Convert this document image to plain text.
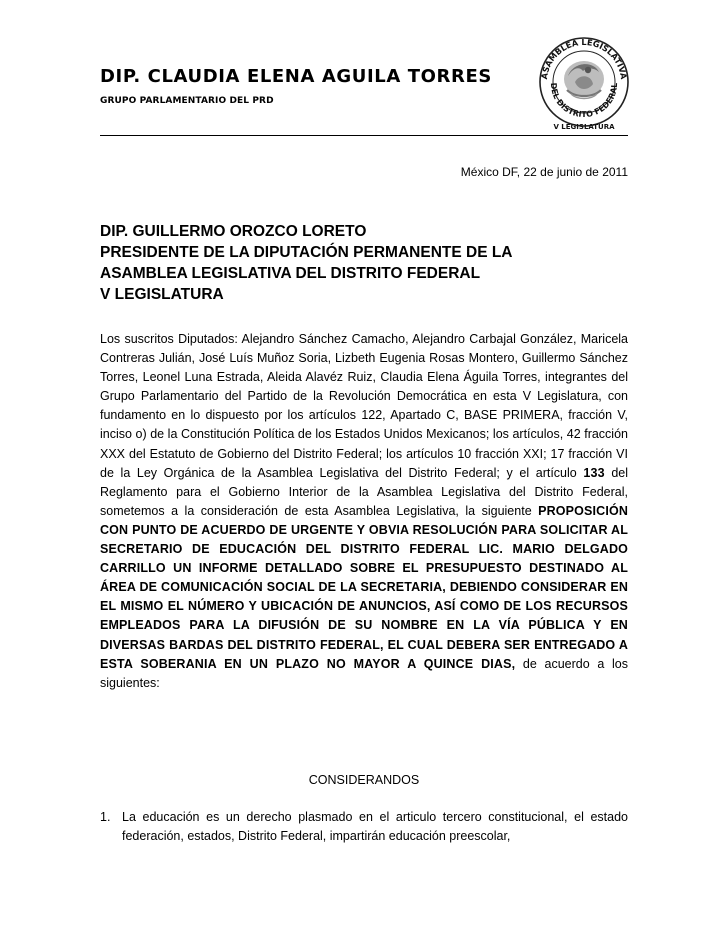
DIP. CLAUDIA ELENA AGUILA TORRES
GRUPO PARLAMENTARIO DEL PRD
ASAMBLEA LEGISLATIVA
DEL DISTRITO FEDERAL
V LEGISLATURA
México DF, 22 de junio de 2011
DIP. GUILLERMO OROZCO LORETO
PRESIDENTE DE LA DIPUTACIÓN PERMANENTE DE LA
ASAMBLEA LEGISLATIVA DEL DISTRITO FEDERAL
V LEGISLATURA
Los suscritos Diputados: Alejandro Sánchez Camacho, Alejandro Carbajal González, Maricela Contreras Julián, José Luís Muñoz Soria, Lizbeth Eugenia Rosas Montero, Guillermo Sánchez Torres, Leonel Luna Estrada, Aleida Alavéz Ruiz, Claudia Elena Águila Torres, integrantes del Grupo Parlamentario del Partido de la Revolución Democrática en esta V Legislatura, con fundamento en lo dispuesto por los artículos 122, Apartado C, BASE PRIMERA, fracción V, inciso o) de la Constitución Política de los Estados Unidos Mexicanos; los artículos, 42 fracción XXX del Estatuto de Gobierno del Distrito Federal; los artículos 10 fracción XXI; 17 fracción VI de la Ley Orgánica de la Asamblea Legislativa del Distrito Federal; y el artículo 133 del Reglamento para el Gobierno Interior de la Asamblea Legislativa del Distrito Federal, sometemos a la consideración de esta Asamblea Legislativa, la siguiente PROPOSICIÓN CON PUNTO DE ACUERDO DE URGENTE Y OBVIA RESOLUCIÓN PARA SOLICITAR AL SECRETARIO DE EDUCACIÓN DEL DISTRITO FEDERAL LIC. MARIO DELGADO CARRILLO UN INFORME DETALLADO SOBRE EL PRESUPUESTO DESTINADO AL ÁREA DE COMUNICACIÓN SOCIAL DE LA SECRETARIA, DEBIENDO CONSIDERAR EN EL MISMO EL NÚMERO Y UBICACIÓN DE ANUNCIOS, ASÍ COMO DE LOS RECURSOS EMPLEADOS PARA LA DIFUSIÓN DE SU NOMBRE EN LA VÍA PÚBLICA Y EN DIVERSAS BARDAS DEL DISTRITO FEDERAL, EL CUAL DEBERA SER ENTREGADO A ESTA SOBERANIA EN UN PLAZO NO MAYOR A QUINCE DIAS, de acuerdo a los siguientes:
CONSIDERANDOS
1. La educación es un derecho plasmado en el articulo tercero constitucional, el estado federación, estados, Distrito Federal, impartirán educación preescolar,
